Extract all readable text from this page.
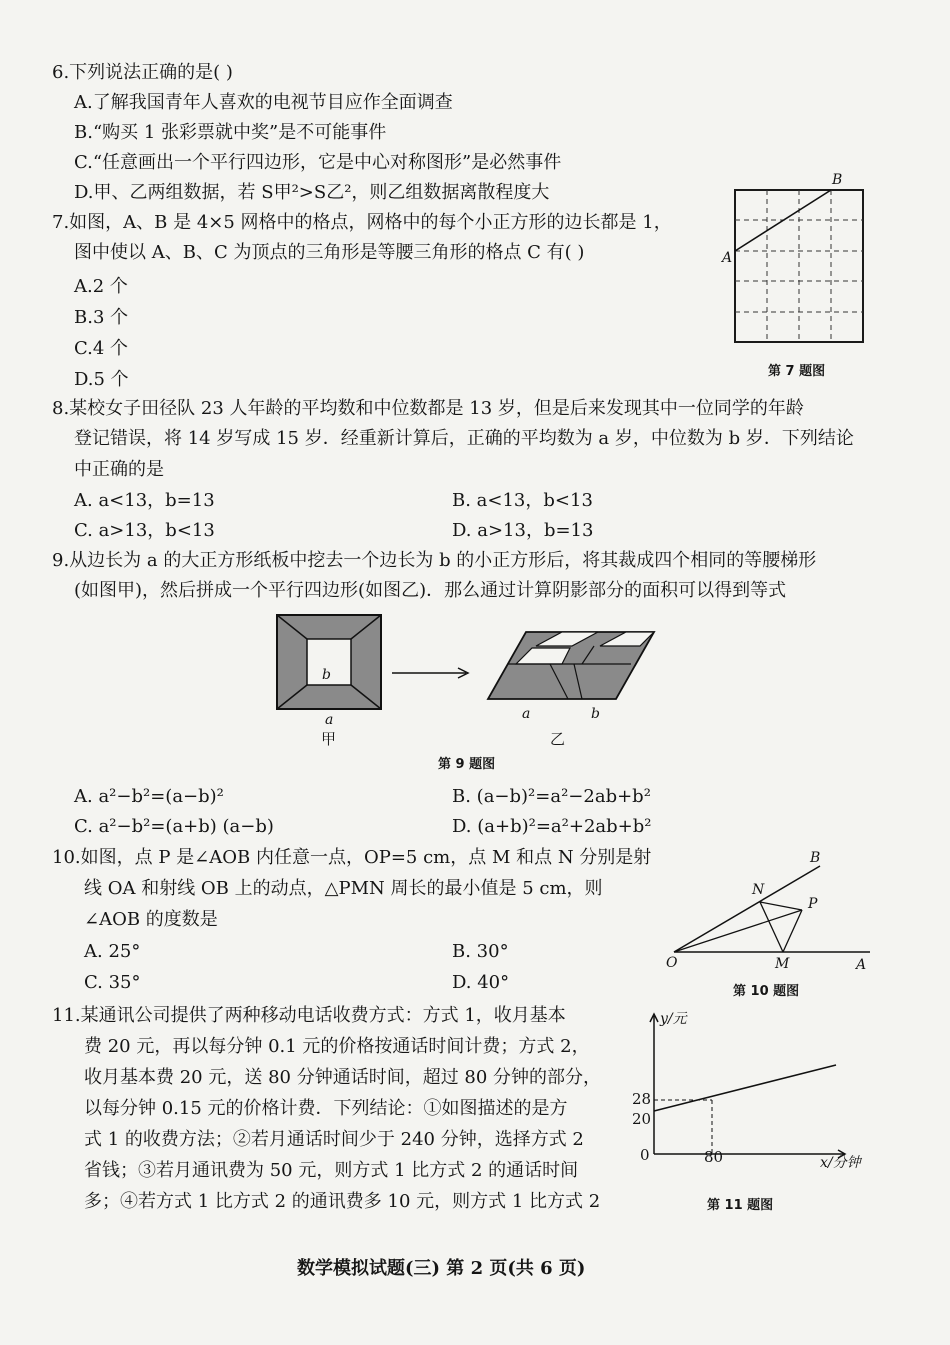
6.下列说法正确的是( )
A.了解我国青年人喜欢的电视节目应作全面调查
B.“购买 1 张彩票就中奖”是不可能事件
C.“任意画出一个平行四边形，它是中心对称图形”是必然事件
D.甲、乙两组数据，若 S甲²>S乙²，则乙组数据离散程度大
7.如图，A、B 是 4×5 网格中的格点，网格中的每个小正方形的边长都是 1，
图中使以 A、B、C 为顶点的三角形是等腰三角形的格点 C 有( )
A.2 个
B.3 个
C.4 个
D.5 个
A
B
第 7 题图
8.某校女子田径队 23 人年龄的平均数和中位数都是 13 岁，但是后来发现其中一位同学的年龄
登记错误，将 14 岁写成 15 岁．经重新计算后，正确的平均数为 a 岁，中位数为 b 岁．下列结论
中正确的是
A. a<13，b=13	B. a<13，b<13
C. a>13，b<13	D. a>13，b=13
9.从边长为 a 的大正方形纸板中挖去一个边长为 b 的小正方形后，将其裁成四个相同的等腰梯形
(如图甲)，然后拼成一个平行四边形(如图乙)．那么通过计算阴影部分的面积可以得到等式
b
a
甲
a	b
乙
第 9 题图
A. a²−b²=(a−b)²	B. (a−b)²=a²−2ab+b²
C. a²−b²=(a+b) (a−b)	D. (a+b)²=a²+2ab+b²
10.如图，点 P 是∠AOB 内任意一点，OP=5 cm，点 M 和点 N 分别是射
线 OA 和射线 OB 上的动点，△PMN 周长的最小值是 5 cm，则
∠AOB 的度数是
A. 25°	B. 30°
C. 35°	D. 40°
O	A
B
M
N
P
第 10 题图
11.某通讯公司提供了两种移动电话收费方式：方式 1，收月基本
费 20 元，再以每分钟 0.1 元的价格按通话时间计费；方式 2，
收月基本费 20 元，送 80 分钟通话时间，超过 80 分钟的部分，
以每分钟 0.15 元的价格计费．下列结论：①如图描述的是方
式 1 的收费方法；②若月通话时间少于 240 分钟，选择方式 2
省钱；③若月通讯费为 50 元，则方式 1 比方式 2 的通话时间
多；④若方式 1 比方式 2 的通讯费多 10 元，则方式 1 比方式 2
y/元
x/分钟
28
20
0	80
第 11 题图
数学模拟试题(三) 第 2 页(共 6 页)
